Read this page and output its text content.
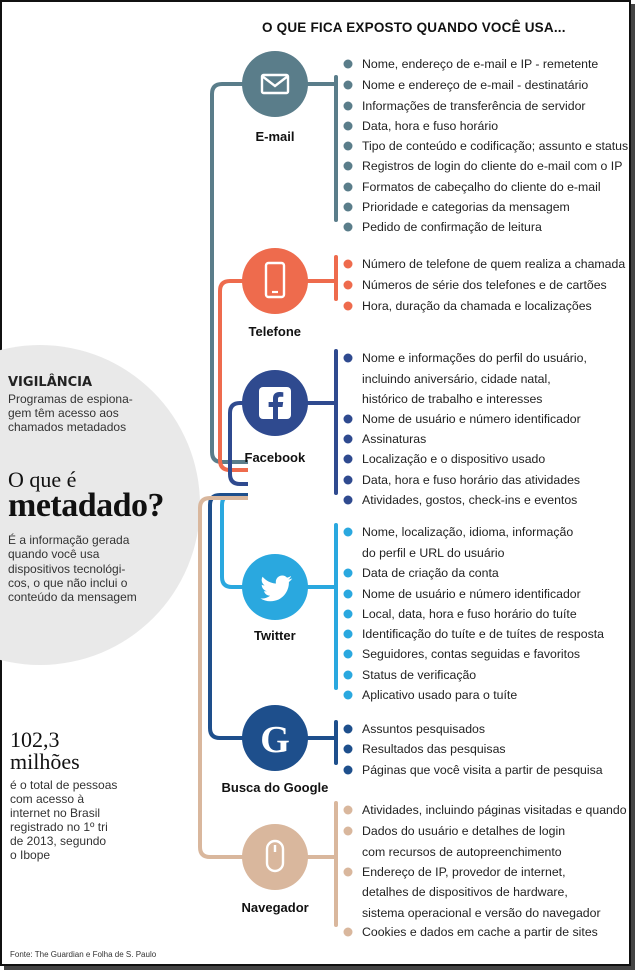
O QUE FICA EXPOSTO QUANDO VOCÊ USA...
VIGILÂNCIA
Programas de espiona-
gem têm acesso aos
chamados metadados
O que é
metadado?
É a informação gerada
quando você usa
dispositivos tecnológi-
cos, o que não inclui o
conteúdo da mensagem
102,3
milhões
é o total de pessoas
com acesso à
internet no Brasil
registrado no 1º tri
de 2013, segundo
o Ibope
Fonte: The Guardian e Folha de S. Paulo
E-mail
Telefone
Facebook
Twitter
G
Busca do Google
Navegador
Nome, endereço de e-mail e IP - remetente
Nome e endereço de e-mail - destinatário
Informações de transferência de servidor
Data, hora e fuso horário
Tipo de conteúdo e codificação; assunto e status
Registros de login do cliente do e-mail com o IP
Formatos de cabeçalho do cliente do e-mail
Prioridade e categorias da mensagem
Pedido de confirmação de leitura
Número de telefone de quem realiza a chamada
Números de série dos telefones e de cartões
Hora, duração da chamada e localizações
Nome e informações do perfil do usuário,
incluindo aniversário, cidade natal,
histórico de trabalho e interesses
Nome de usuário e número identificador
Assinaturas
Localização e o dispositivo usado
Data, hora e fuso horário das atividades
Atividades, gostos, check-ins e eventos
Nome, localização, idioma, informação
do perfil e URL do usuário
Data de criação da conta
Nome de usuário e número identificador
Local, data, hora e fuso horário do tuíte
Identificação do tuíte e de tuítes de resposta
Seguidores, contas seguidas e favoritos
Status de verificação
Aplicativo usado para o tuíte
Assuntos pesquisados
Resultados das pesquisas
Páginas que você visita a partir de pesquisa
Atividades, incluindo páginas visitadas e quando
Dados do usuário e detalhes de login
com recursos de autopreenchimento
Endereço de IP, provedor de internet,
detalhes de dispositivos de hardware,
sistema operacional e versão do navegador
Cookies e dados em cache a partir de sites
